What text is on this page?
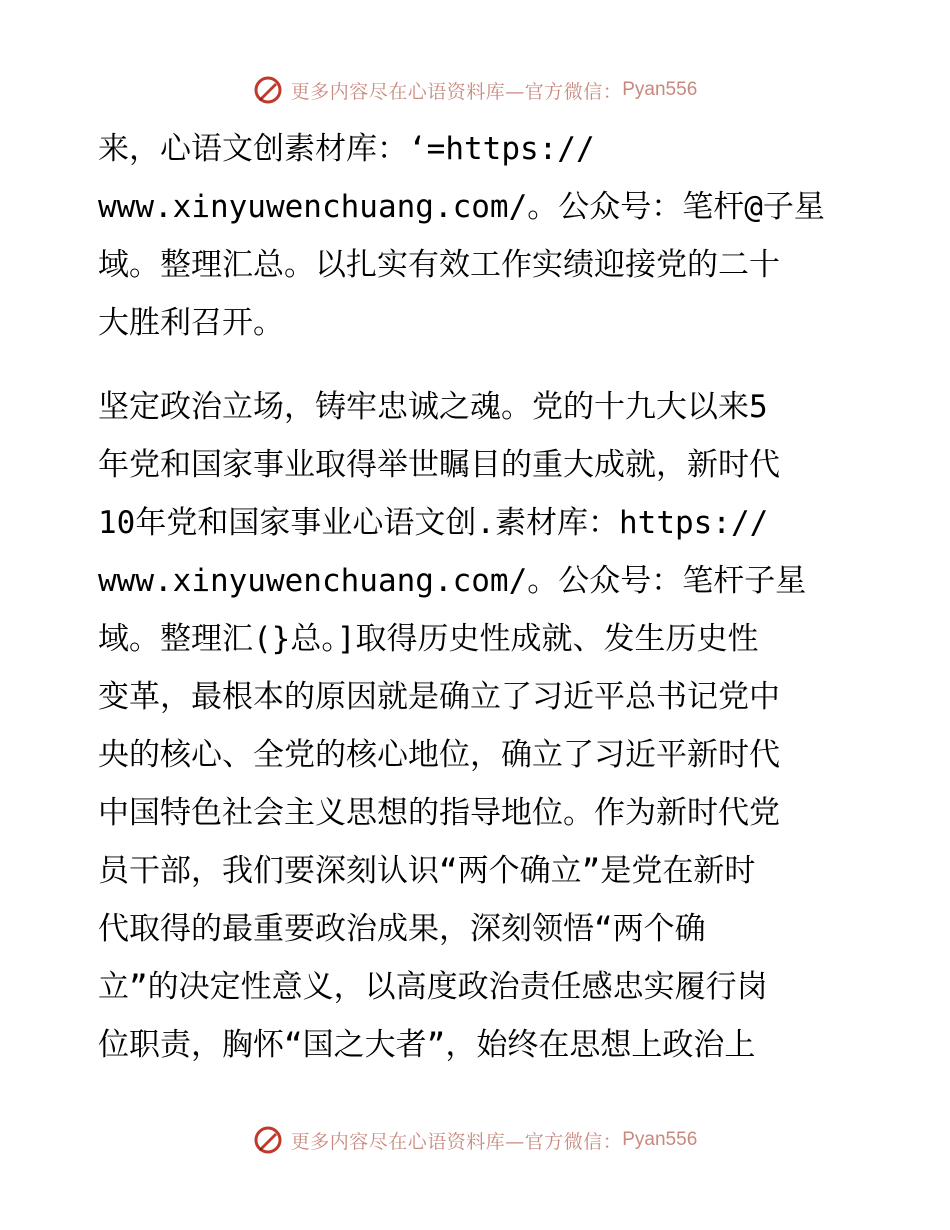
更多内容尽在心语资料库—官方微信： Pyan556
来，心语文创素材库：‘=https://
www.xinyuwenchuang.com/。公众号：笔杆@子星
域。整理汇总。以扎实有效工作实绩迎接党的二十
大胜利召开。
坚定政治立场，铸牢忠诚之魂。党的十九大以来5
年党和国家事业取得举世瞩目的重大成就，新时代
10年党和国家事业心语文创.素材库：https://
www.xinyuwenchuang.com/。公众号：笔杆子星
域。整理汇(}总。]取得历史性成就、发生历史性
变革，最根本的原因就是确立了习近平总书记党中
央的核心、全党的核心地位，确立了习近平新时代
中国特色社会主义思想的指导地位。作为新时代党
员干部，我们要深刻认识“两个确立”是党在新时
代取得的最重要政治成果，深刻领悟“两个确
立”的决定性意义，以高度政治责任感忠实履行岗
位职责，胸怀“国之大者”，始终在思想上政治上
更多内容尽在心语资料库—官方微信： Pyan556
